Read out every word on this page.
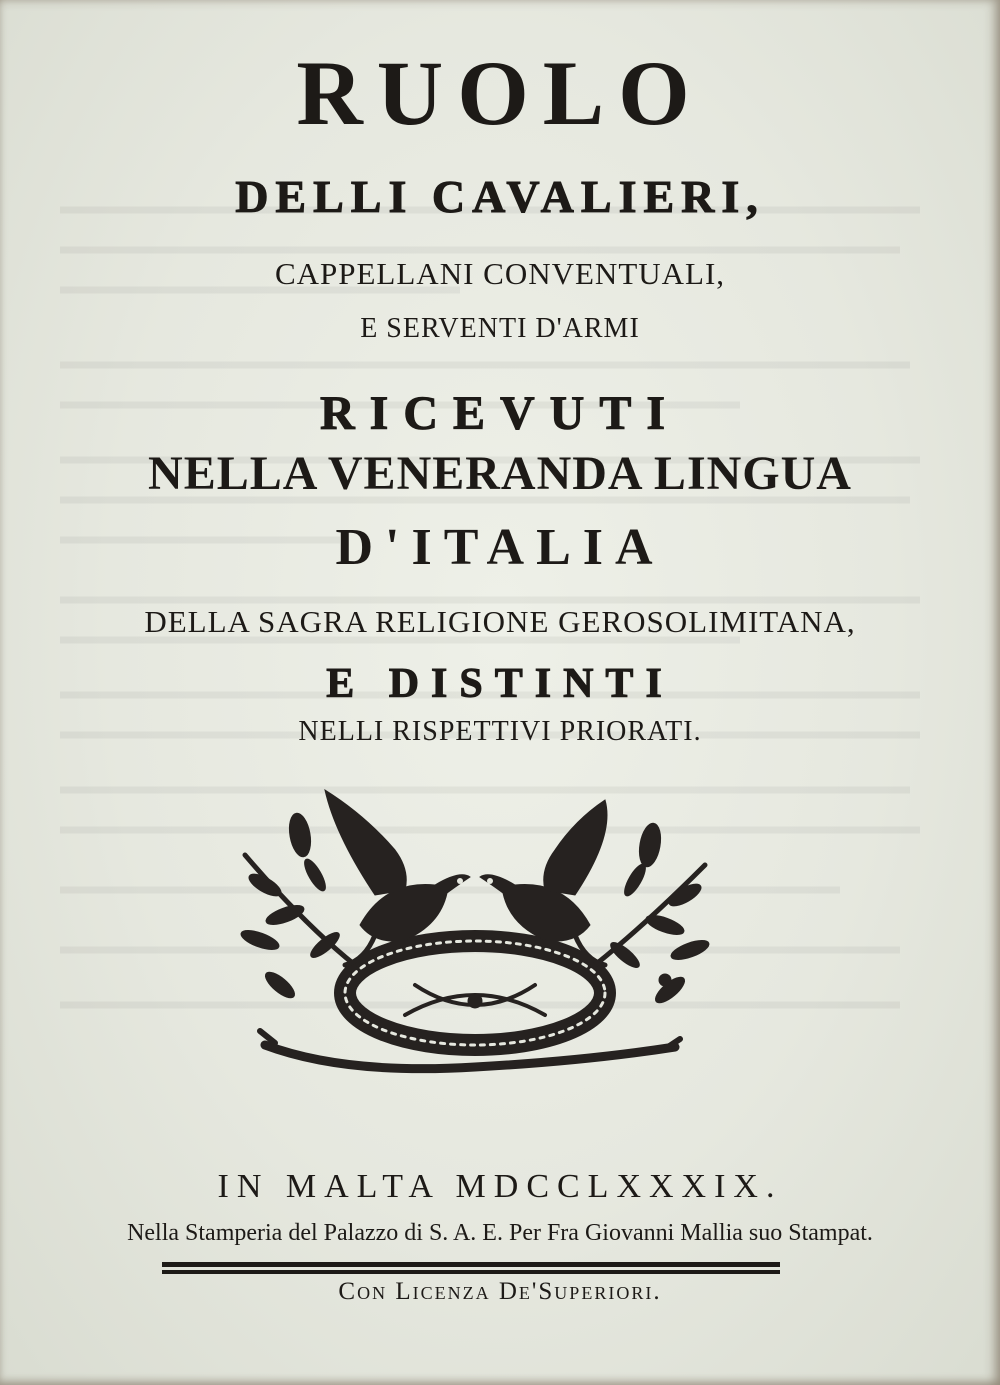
RUOLO

DELLI CAVALIERI,

CAPPELLANI CONVENTUALI,

E SERVENTI D'ARMI

RICEVUTI

NELLA VENERANDA LINGUA

D'ITALIA

DELLA SAGRA RELIGIONE GEROSOLIMITANA,

E DISTINTI

NELLI RISPETTIVI PRIORATI.

IN MALTA MDCCLXXXIX.

Nella Stamperia del Palazzo di S. A. E. Per Fra Giovanni Mallia suo Stampat.

Con Licenza De'Superiori.
